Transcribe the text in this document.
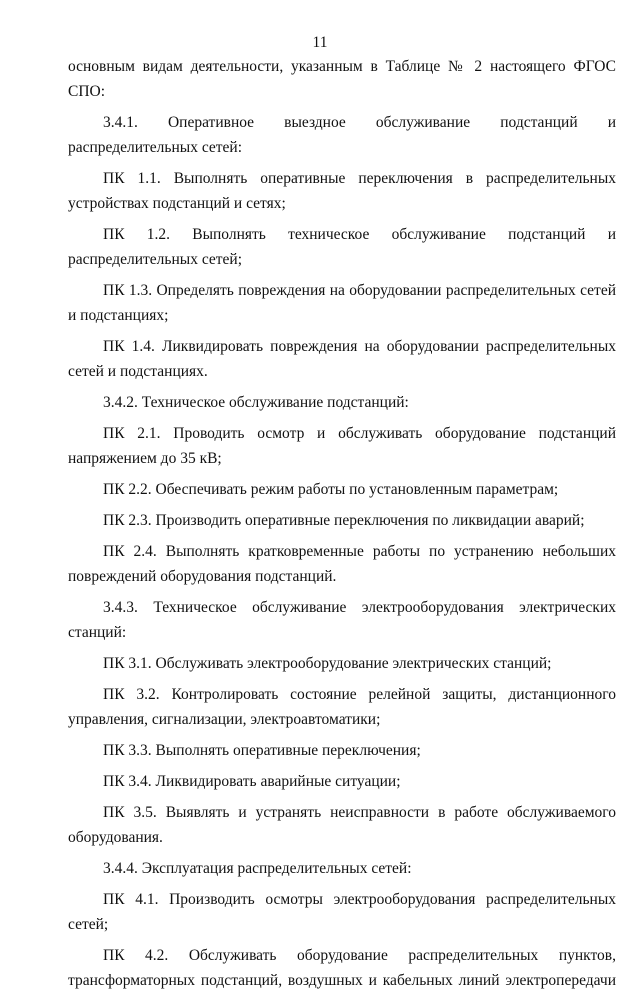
11

основным видам деятельности, указанным в Таблице № 2 настоящего ФГОС СПО:

3.4.1. Оперативное выездное обслуживание подстанций и распределительных сетей:

ПК 1.1. Выполнять оперативные переключения в распределительных устройствах подстанций и сетях;

ПК 1.2. Выполнять техническое обслуживание подстанций и распределительных сетей;

ПК 1.3. Определять повреждения на оборудовании распределительных сетей и подстанциях;

ПК 1.4. Ликвидировать повреждения на оборудовании распределительных сетей и подстанциях.

3.4.2. Техническое обслуживание подстанций:

ПК 2.1. Проводить осмотр и обслуживать оборудование подстанций напряжением до 35 кВ;

ПК 2.2. Обеспечивать режим работы по установленным параметрам;

ПК 2.3. Производить оперативные переключения по ликвидации аварий;

ПК 2.4. Выполнять кратковременные работы по устранению небольших повреждений оборудования подстанций.

3.4.3. Техническое обслуживание электрооборудования электрических станций:

ПК 3.1. Обслуживать электрооборудование электрических станций;

ПК 3.2. Контролировать состояние релейной защиты, дистанционного управления, сигнализации, электроавтоматики;

ПК 3.3. Выполнять оперативные переключения;

ПК 3.4. Ликвидировать аварийные ситуации;

ПК 3.5. Выявлять и устранять неисправности в работе обслуживаемого оборудования.

3.4.4. Эксплуатация распределительных сетей:

ПК 4.1. Производить осмотры электрооборудования распределительных сетей;

ПК 4.2. Обслуживать оборудование распределительных пунктов, трансформаторных подстанций, воздушных и кабельных линий электропередачи
